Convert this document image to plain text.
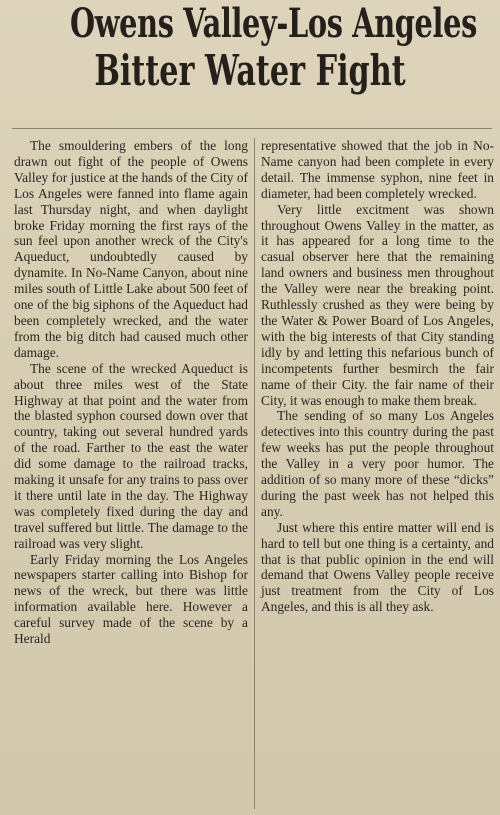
Owens Valley-Los Angeles
Bitter Water Fight

The smouldering embers of the long drawn out fight of the people of Owens Valley for justice at the hands of the City of Los Angeles were fanned into flame again last Thursday night, and when daylight broke Friday morning the first rays of the sun feel upon another wreck of the City's Aqueduct, undoubtedly caused by dynamite. In No-Name Canyon, about nine miles south of Little Lake about 500 feet of one of the big siphons of the Aqueduct had been completely wrecked, and the water from the big ditch had caused much other damage.

The scene of the wrecked Aqueduct is about three miles west of the State Highway at that point and the water from the blasted syphon coursed down over that country, taking out several hundred yards of the road. Farther to the east the water did some damage to the railroad tracks, making it unsafe for any trains to pass over it there until late in the day. The Highway was completely fixed during the day and travel suffered but little. The damage to the railroad was very slight.

Early Friday morning the Los Angeles newspapers starter calling into Bishop for news of the wreck, but there was little information available here. However a careful survey made of the scene by a Herald

representative showed that the job in No-Name canyon had been complete in every detail. The immense syphon, nine feet in diameter, had been completely wrecked.

Very little excitment was shown throughout Owens Valley in the matter, as it has appeared for a long time to the casual observer here that the remaining land owners and business men throughout the Valley were near the breaking point. Ruthlessly crushed as they were being by the Water & Power Board of Los Angeles, with the big interests of that City standing idly by and letting this nefarious bunch of incompetents further besmirch the fair name of their City. the fair name of their City, it was enough to make them break.

The sending of so many Los Angeles detectives into this country during the past few weeks has put the people throughout the Valley in a very poor humor. The addition of so many more of these “dicks” during the past week has not helped this any.

Just where this entire matter will end is hard to tell but one thing is a certainty, and that is that public opinion in the end will demand that Owens Valley people receive just treatment from the City of Los Angeles, and this is all they ask.
